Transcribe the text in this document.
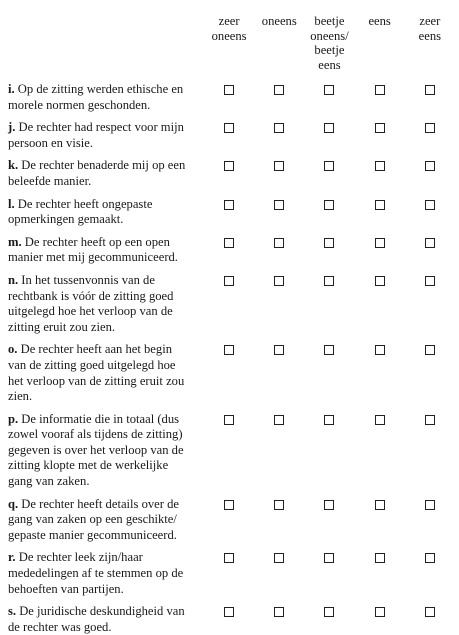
zeer
oneens
oneens	beetje
oneens/
beetje
eens
eens	zeer
eens
i. Op de zitting werden ethische en
morele normen geschonden.
j. De rechter had respect voor mijn
persoon en visie.
k. De rechter benaderde mij op een
beleefde manier.
l. De rechter heeft ongepaste
opmerkingen gemaakt.
m. De rechter heeft op een open
manier met mij gecommuniceerd.
n. In het tussenvonnis van de
rechtbank is vóór de zitting goed
uitgelegd hoe het verloop van de
zitting eruit zou zien.
o. De rechter heeft aan het begin
van de zitting goed uitgelegd hoe
het verloop van de zitting eruit zou
zien.
p. De informatie die in totaal (dus
zowel vooraf als tijdens de zitting)
gegeven is over het verloop van de
zitting klopte met de werkelijke
gang van zaken.
q. De rechter heeft details over de
gang van zaken op een geschikte/
gepaste manier gecommuniceerd.
r. De rechter leek zijn/haar
mededelingen af te stemmen op de
behoeften van partijen.
s. De juridische deskundigheid van
de rechter was goed.
